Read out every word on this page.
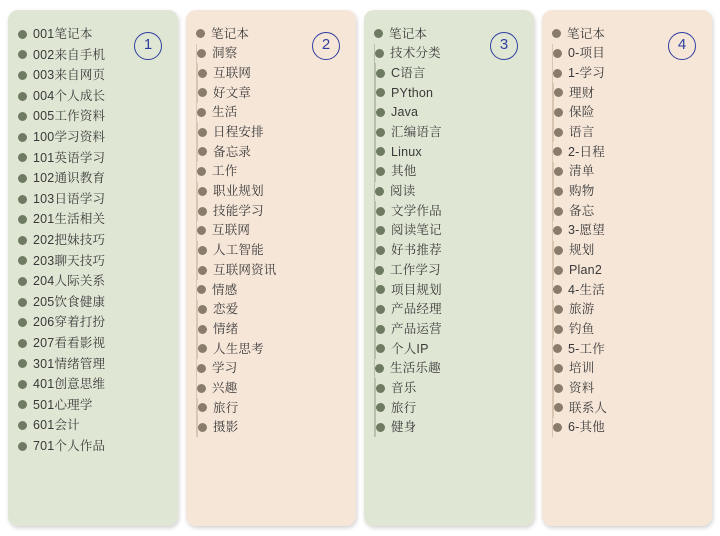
1
001笔记本
002来自手机
003来自网页
004个人成长
005工作资料
100学习资料
101英语学习
102通识教育
103日语学习
201生活相关
202把妹技巧
203聊天技巧
204人际关系
205饮食健康
206穿着打扮
207看看影视
301情绪管理
401创意思维
501心理学
601会计
701个人作品
2
笔记本
洞察
互联网
好文章
生活
日程安排
备忘录
工作
职业规划
技能学习
互联网
人工智能
互联网资讯
情感
恋爱
情绪
人生思考
学习
兴趣
旅行
摄影
3
笔记本
技术分类
C语言
PYthon
Java
汇编语言
Linux
其他
阅读
文学作品
阅读笔记
好书推荐
工作学习
项目规划
产品经理
产品运营
个人IP
生活乐趣
音乐
旅行
健身
4
笔记本
0-项目
1-学习
理财
保险
语言
2-日程
清单
购物
备忘
3-愿望
规划
Plan2
4-生活
旅游
钓鱼
5-工作
培训
资料
联系人
6-其他
